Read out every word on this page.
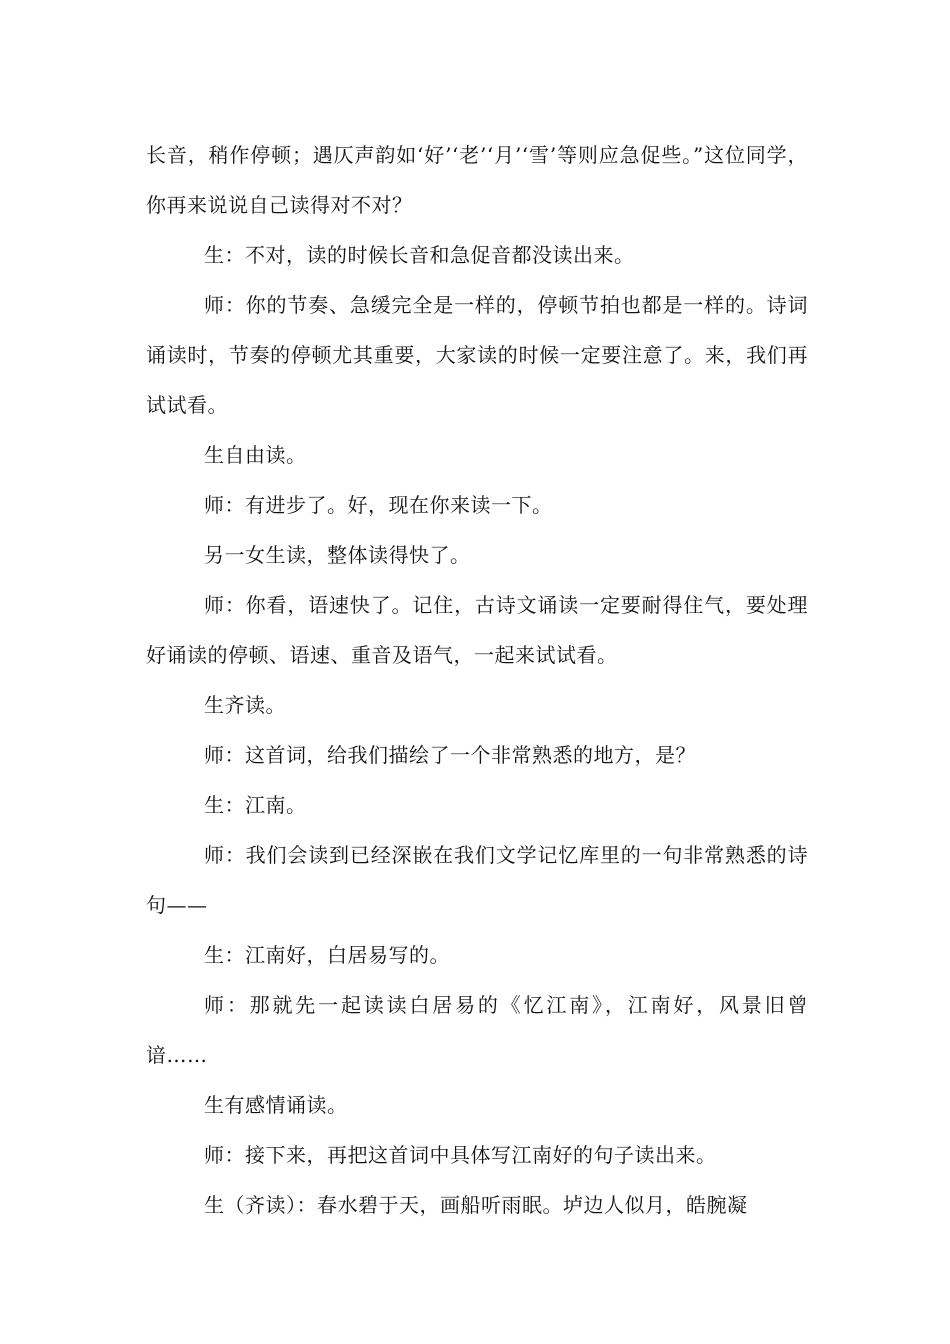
长音，稍作停顿；遇仄声韵如‘好’‘老’‘月’‘雪’等则应急促些。”这位同学，你再来说说自己读得对不对？

生：不对，读的时候长音和急促音都没读出来。

师：你的节奏、急缓完全是一样的，停顿节拍也都是一样的。诗词诵读时，节奏的停顿尤其重要，大家读的时候一定要注意了。来，我们再试试看。

生自由读。

师：有进步了。好，现在你来读一下。

另一女生读，整体读得快了。

师：你看，语速快了。记住，古诗文诵读一定要耐得住气，要处理好诵读的停顿、语速、重音及语气，一起来试试看。

生齐读。

师：这首词，给我们描绘了一个非常熟悉的地方，是？

生：江南。

师：我们会读到已经深嵌在我们文学记忆库里的一句非常熟悉的诗句——

生：江南好，白居易写的。

师：那就先一起读读白居易的《忆江南》，江南好，风景旧曾谙……

生有感情诵读。

师：接下来，再把这首词中具体写江南好的句子读出来。

生（齐读）：春水碧于天，画船听雨眠。垆边人似月，皓腕凝
